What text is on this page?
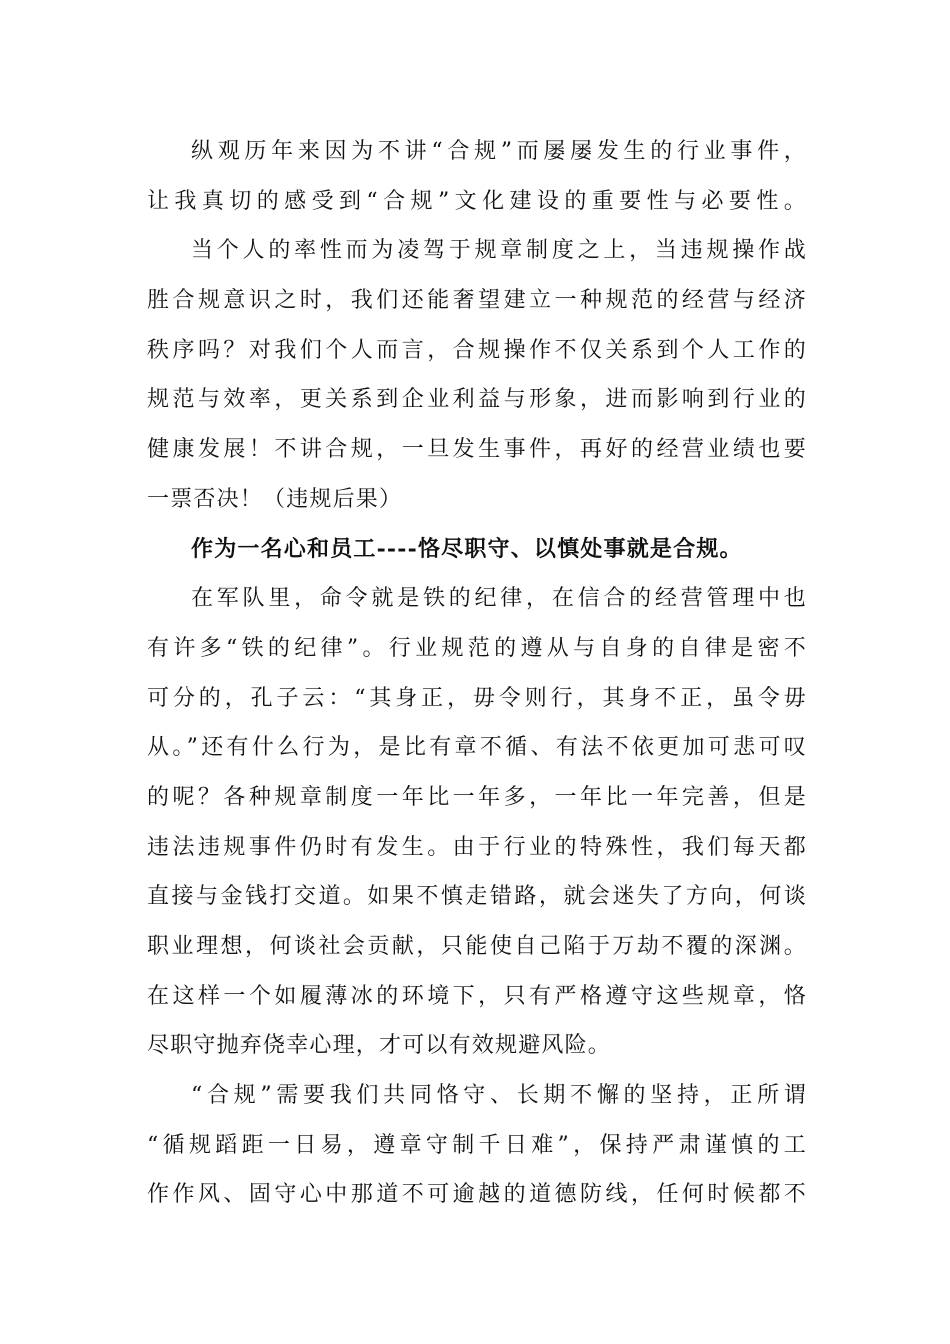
纵观历年来因为不讲“合规”而屡屡发生的行业事件，
让我真切的感受到“合规”文化建设的重要性与必要性。
当个人的率性而为凌驾于规章制度之上，当违规操作战
胜合规意识之时，我们还能奢望建立一种规范的经营与经济
秩序吗？对我们个人而言，合规操作不仅关系到个人工作的
规范与效率，更关系到企业利益与形象，进而影响到行业的
健康发展！不讲合规，一旦发生事件，再好的经营业绩也要
一票否决！（违规后果）
作为一名心和员工----恪尽职守、以慎处事就是合规。
在军队里，命令就是铁的纪律，在信合的经营管理中也
有许多“铁的纪律”。行业规范的遵从与自身的自律是密不
可分的，孔子云：“其身正，毋令则行，其身不正，虽令毋
从。”还有什么行为，是比有章不循、有法不依更加可悲可叹
的呢？各种规章制度一年比一年多，一年比一年完善，但是
违法违规事件仍时有发生。由于行业的特殊性，我们每天都
直接与金钱打交道。如果不慎走错路，就会迷失了方向，何谈
职业理想，何谈社会贡献，只能使自己陷于万劫不覆的深渊。
在这样一个如履薄冰的环境下，只有严格遵守这些规章，恪
尽职守抛弃侥幸心理，才可以有效规避风险。
“合规”需要我们共同恪守、长期不懈的坚持，正所谓
“循规蹈距一日易，遵章守制千日难”，保持严肃谨慎的工
作作风、固守心中那道不可逾越的道德防线，任何时候都不
